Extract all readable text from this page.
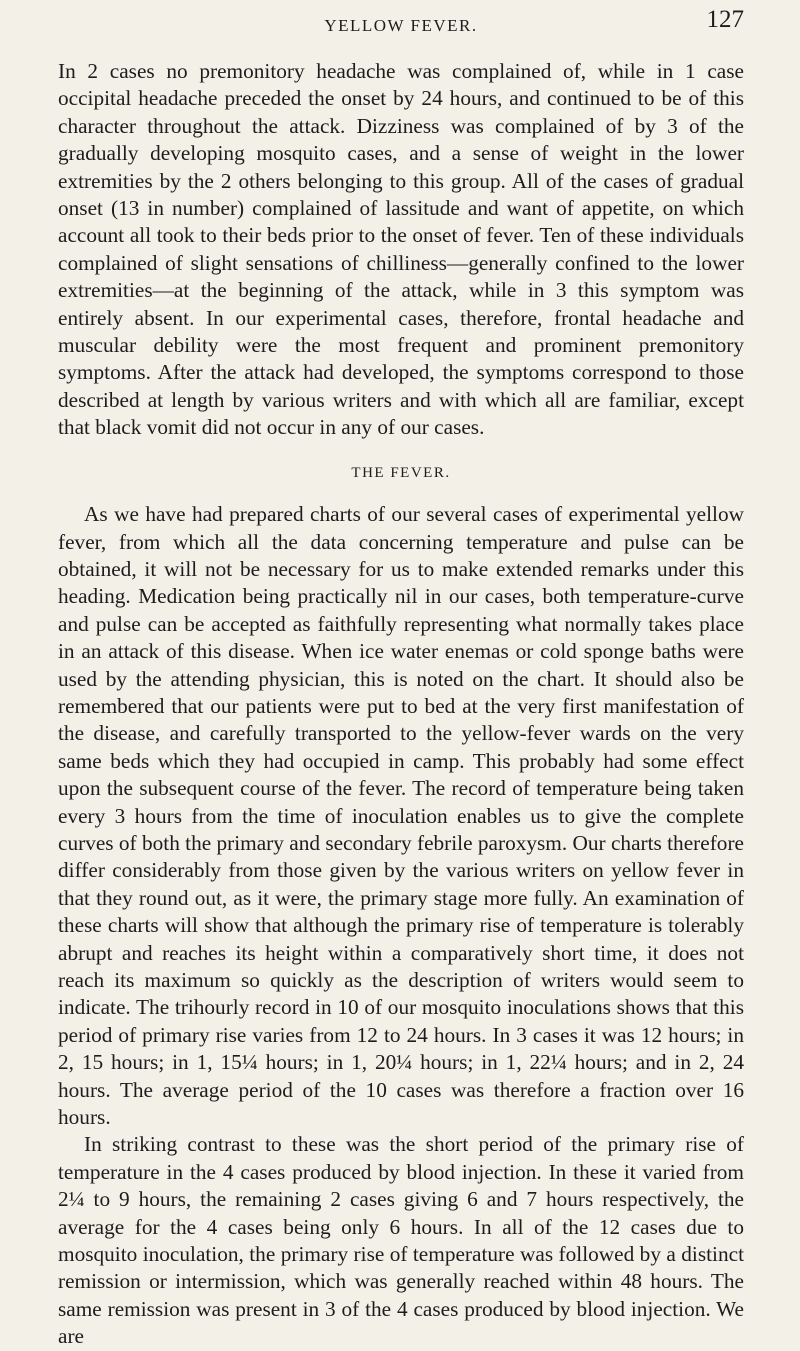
YELLOW FEVER.	127

In 2 cases no premonitory headache was complained of, while in 1 case occipital headache preceded the onset by 24 hours, and continued to be of this character throughout the attack. Dizziness was complained of by 3 of the gradually developing mosquito cases, and a sense of weight in the lower extremities by the 2 others belonging to this group. All of the cases of gradual onset (13 in number) complained of lassitude and want of appetite, on which account all took to their beds prior to the onset of fever. Ten of these individuals complained of slight sensations of chilliness—generally confined to the lower extremities—at the beginning of the attack, while in 3 this symptom was entirely absent. In our experimental cases, therefore, frontal headache and muscular debility were the most frequent and prominent premonitory symptoms. After the attack had developed, the symptoms correspond to those described at length by various writers and with which all are familiar, except that black vomit did not occur in any of our cases.

THE FEVER.

As we have had prepared charts of our several cases of experimental yellow fever, from which all the data concerning temperature and pulse can be obtained, it will not be necessary for us to make extended remarks under this heading. Medication being practically nil in our cases, both temperature-curve and pulse can be accepted as faithfully representing what normally takes place in an attack of this disease. When ice water enemas or cold sponge baths were used by the attending physician, this is noted on the chart. It should also be remembered that our patients were put to bed at the very first manifestation of the disease, and carefully transported to the yellow-fever wards on the very same beds which they had occupied in camp. This probably had some effect upon the subsequent course of the fever. The record of temperature being taken every 3 hours from the time of inoculation enables us to give the complete curves of both the primary and secondary febrile paroxysm. Our charts therefore differ considerably from those given by the various writers on yellow fever in that they round out, as it were, the primary stage more fully. An examination of these charts will show that although the primary rise of temperature is tolerably abrupt and reaches its height within a comparatively short time, it does not reach its maximum so quickly as the description of writers would seem to indicate. The trihourly record in 10 of our mosquito inoculations shows that this period of primary rise varies from 12 to 24 hours. In 3 cases it was 12 hours; in 2, 15 hours; in 1, 15¼ hours; in 1, 20¼ hours; in 1, 22¼ hours; and in 2, 24 hours. The average period of the 10 cases was therefore a fraction over 16 hours.

In striking contrast to these was the short period of the primary rise of temperature in the 4 cases produced by blood injection. In these it varied from 2¼ to 9 hours, the remaining 2 cases giving 6 and 7 hours respectively, the average for the 4 cases being only 6 hours. In all of the 12 cases due to mosquito inoculation, the primary rise of temperature was followed by a distinct remission or intermission, which was generally reached within 48 hours. The same remission was present in 3 of the 4 cases produced by blood injection. We are
